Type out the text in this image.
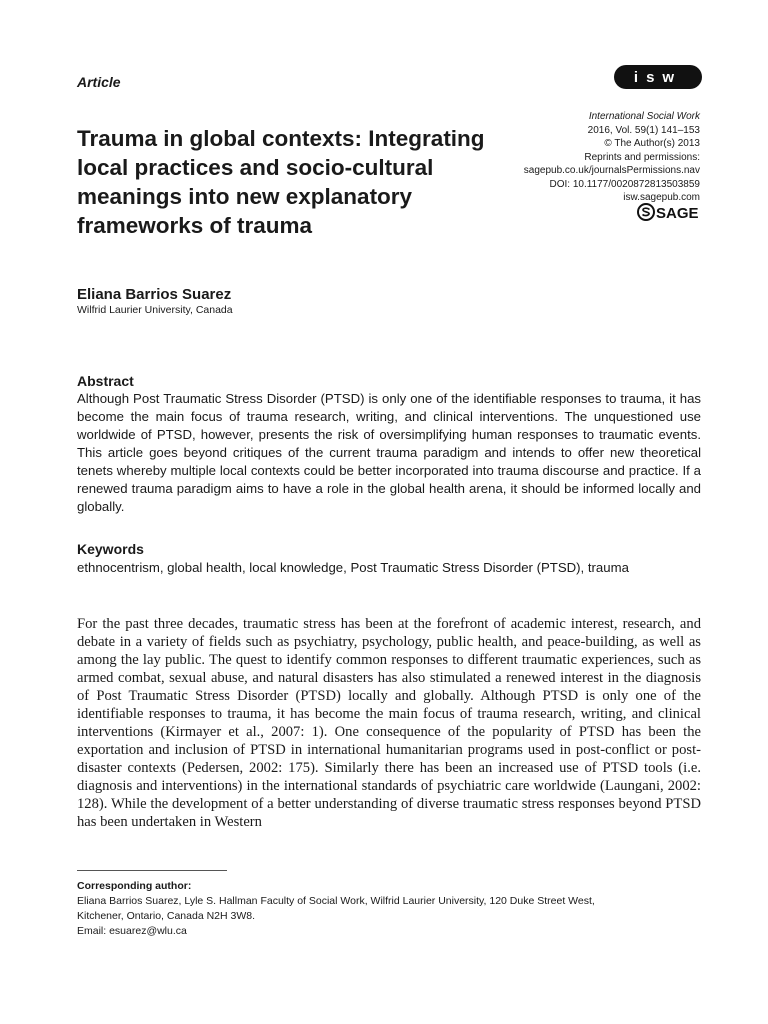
Article	isw
International Social Work
2016, Vol. 59(1) 141–153
© The Author(s) 2013
Reprints and permissions:
sagepub.co.uk/journalsPermissions.nav
DOI: 10.1177/0020872813503859
isw.sagepub.com
SAGE
Trauma in global contexts: Integrating local practices and socio-cultural meanings into new explanatory frameworks of trauma
Eliana Barrios Suarez
Wilfrid Laurier University, Canada
Abstract

Although Post Traumatic Stress Disorder (PTSD) is only one of the identifiable responses to trauma, it has become the main focus of trauma research, writing, and clinical interventions. The unquestioned use worldwide of PTSD, however, presents the risk of oversimplifying human responses to traumatic events. This article goes beyond critiques of the current trauma paradigm and intends to offer new theoretical tenets whereby multiple local contexts could be better incorporated into trauma discourse and practice. If a renewed trauma paradigm aims to have a role in the global health arena, it should be informed locally and globally.

Keywords
ethnocentrism, global health, local knowledge, Post Traumatic Stress Disorder (PTSD), trauma

For the past three decades, traumatic stress has been at the forefront of academic interest, research, and debate in a variety of fields such as psychiatry, psychology, public health, and peace-building, as well as among the lay public. The quest to identify common responses to different traumatic experiences, such as armed combat, sexual abuse, and natural disasters has also stimulated a renewed interest in the diagnosis of Post Traumatic Stress Disorder (PTSD) locally and globally. Although PTSD is only one of the identifiable responses to trauma, it has become the main focus of trauma research, writing, and clinical interventions (Kirmayer et al., 2007: 1). One consequence of the popularity of PTSD has been the exportation and inclusion of PTSD in international humanitarian programs used in post-conflict or post-disaster contexts (Pedersen, 2002: 175). Similarly there has been an increased use of PTSD tools (i.e. diagnosis and interventions) in the international standards of psychiatric care worldwide (Laungani, 2002: 128). While the development of a better understanding of diverse traumatic stress responses beyond PTSD has been undertaken in Western

Corresponding author:
Eliana Barrios Suarez, Lyle S. Hallman Faculty of Social Work, Wilfrid Laurier University, 120 Duke Street West,
Kitchener, Ontario, Canada N2H 3W8.
Email: esuarez@wlu.ca
